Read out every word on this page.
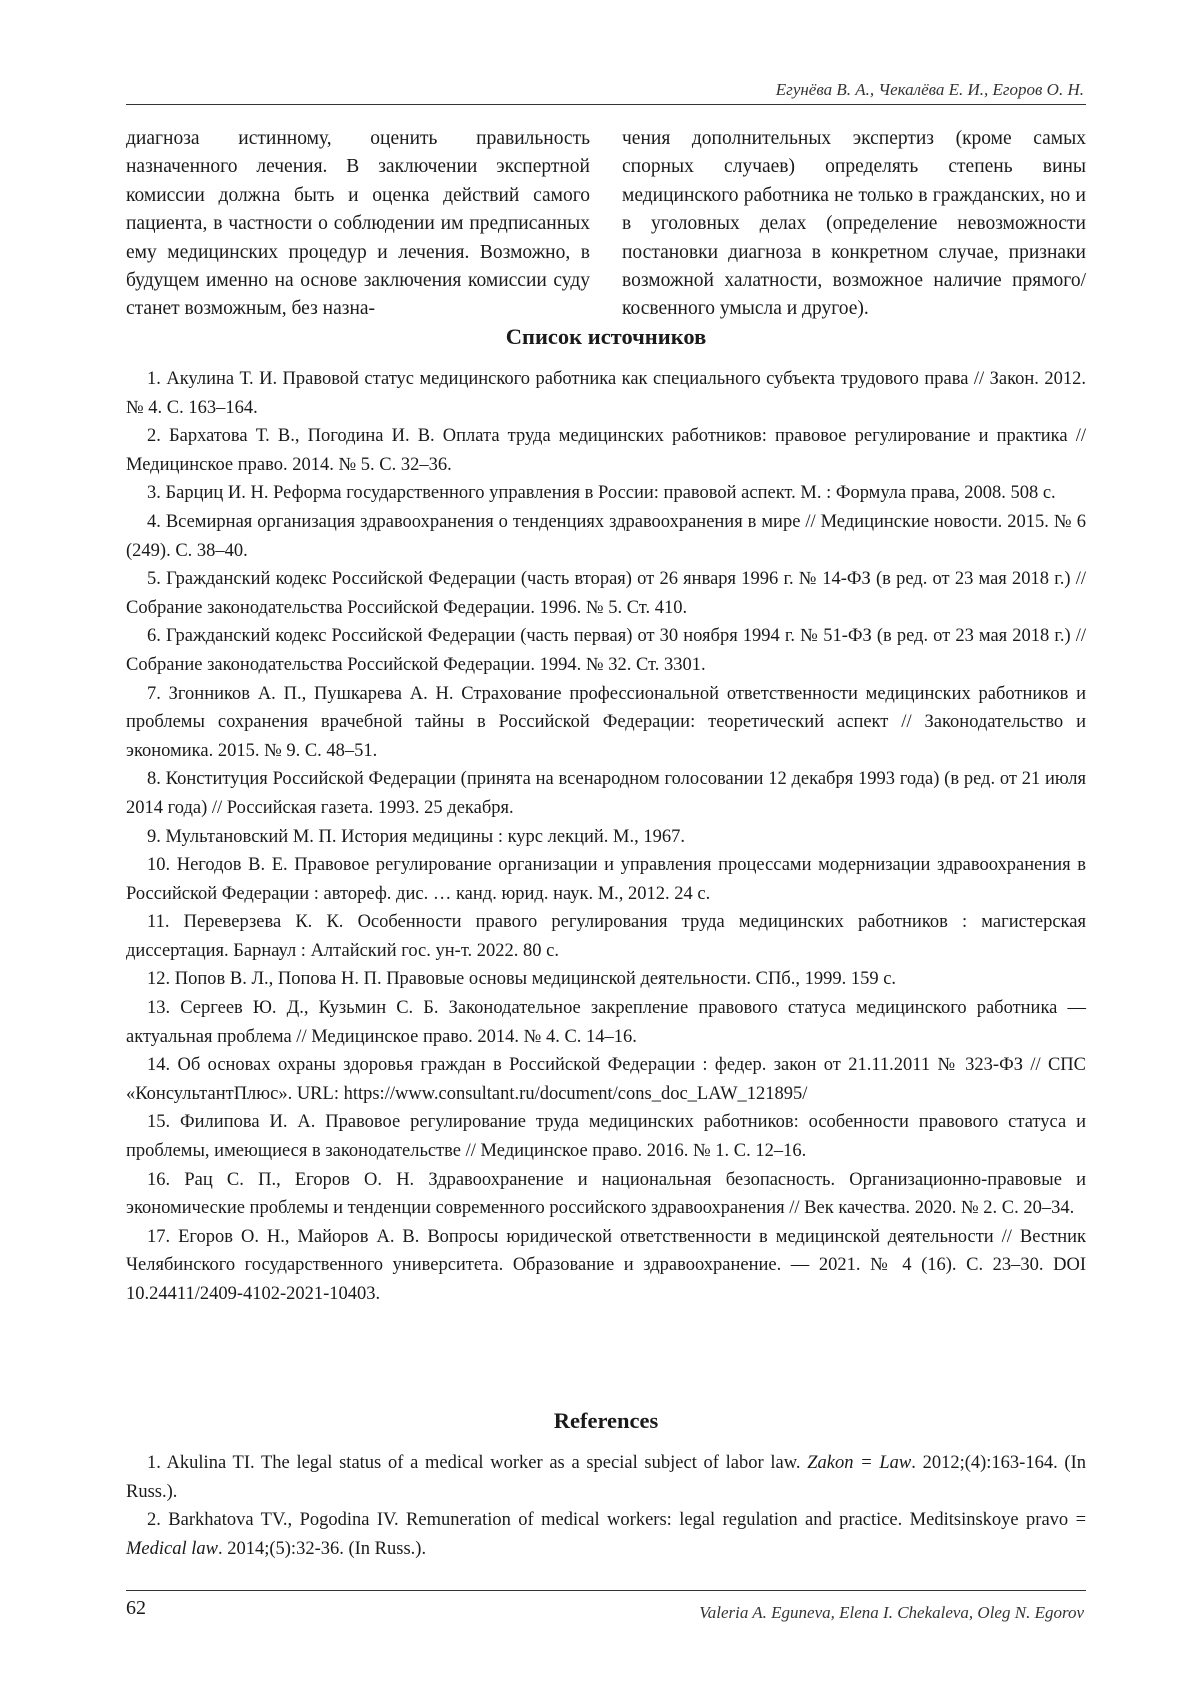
Егунёва В. А., Чекалёва Е. И., Егоров О. Н.

диагноза истинному, оценить правильность назначенного лечения. В заключении экспертной комиссии должна быть и оценка действий самого пациента, в частности о соблюдении им предписанных ему медицинских процедур и лечения. Возможно, в будущем именно на основе заключения комиссии суду станет возможным, без назна-

чения дополнительных экспертиз (кроме самых спорных случаев) определять степень вины медицинского работника не только в гражданских, но и в уголовных делах (определение невозможности постановки диагноза в конкретном случае, признаки возможной халатности, возможное наличие прямого/косвенного умысла и другое).

Список источников

1. Акулина Т. И. Правовой статус медицинского работника как специального субъекта трудового права // Закон. 2012. № 4. С. 163–164.

2. Бархатова Т. В., Погодина И. В. Оплата труда медицинских работников: правовое регулирование и практика // Медицинское право. 2014. № 5. С. 32–36.

3. Барциц И. Н. Реформа государственного управления в России: правовой аспект. М. : Формула права, 2008. 508 с.

4. Всемирная организация здравоохранения о тенденциях здравоохранения в мире // Медицинские новости. 2015. № 6 (249). С. 38–40.

5. Гражданский кодекс Российской Федерации (часть вторая) от 26 января 1996 г. № 14-ФЗ (в ред. от 23 мая 2018 г.) // Собрание законодательства Российской Федерации. 1996. № 5. Ст. 410.

6. Гражданский кодекс Российской Федерации (часть первая) от 30 ноября 1994 г. № 51-ФЗ (в ред. от 23 мая 2018 г.) // Собрание законодательства Российской Федерации. 1994. № 32. Ст. 3301.

7. Згонников А. П., Пушкарева А. Н. Страхование профессиональной ответственности медицинских работников и проблемы сохранения врачебной тайны в Российской Федерации: теоретический аспект // Законодательство и экономика. 2015. № 9. С. 48–51.

8. Конституция Российской Федерации (принята на всенародном голосовании 12 декабря 1993 года) (в ред. от 21 июля 2014 года) // Российская газета. 1993. 25 декабря.

9. Мультановский М. П. История медицины : курс лекций. М., 1967.

10. Негодов В. Е. Правовое регулирование организации и управления процессами модернизации здравоохранения в Российской Федерации : автореф. дис. … канд. юрид. наук. М., 2012. 24 с.

11. Переверзева К. К. Особенности правого регулирования труда медицинских работников : магистерская диссертация. Барнаул : Алтайский гос. ун-т. 2022. 80 с.

12. Попов В. Л., Попова Н. П. Правовые основы медицинской деятельности. СПб., 1999. 159 с.

13. Сергеев Ю. Д., Кузьмин С. Б. Законодательное закрепление правового статуса медицинского работника — актуальная проблема // Медицинское право. 2014. № 4. С. 14–16.

14. Об основах охраны здоровья граждан в Российской Федерации : федер. закон от 21.11.2011 № 323-ФЗ // СПС «КонсультантПлюс». URL: https://www.consultant.ru/document/cons_doc_LAW_121895/

15. Филипова И. А. Правовое регулирование труда медицинских работников: особенности правового статуса и проблемы, имеющиеся в законодательстве // Медицинское право. 2016. № 1. С. 12–16.

16. Рац С. П., Егоров О. Н. Здравоохранение и национальная безопасность. Организационно-правовые и экономические проблемы и тенденции современного российского здравоохранения // Век качества. 2020. № 2. С. 20–34.

17. Егоров О. Н., Майоров А. В. Вопросы юридической ответственности в медицинской деятельности // Вестник Челябинского государственного университета. Образование и здравоохранение. — 2021. № 4 (16). С. 23–30. DOI 10.24411/2409-4102-2021-10403.

References

1. Akulina TI. The legal status of a medical worker as a special subject of labor law. Zakon = Law. 2012;(4):163-164. (In Russ.).

2. Barkhatova TV., Pogodina IV. Remuneration of medical workers: legal regulation and practice. Meditsinskoye pravo = Medical law. 2014;(5):32-36. (In Russ.).

62	Valeria A. Eguneva, Elena I. Chekaleva, Oleg N. Egorov
